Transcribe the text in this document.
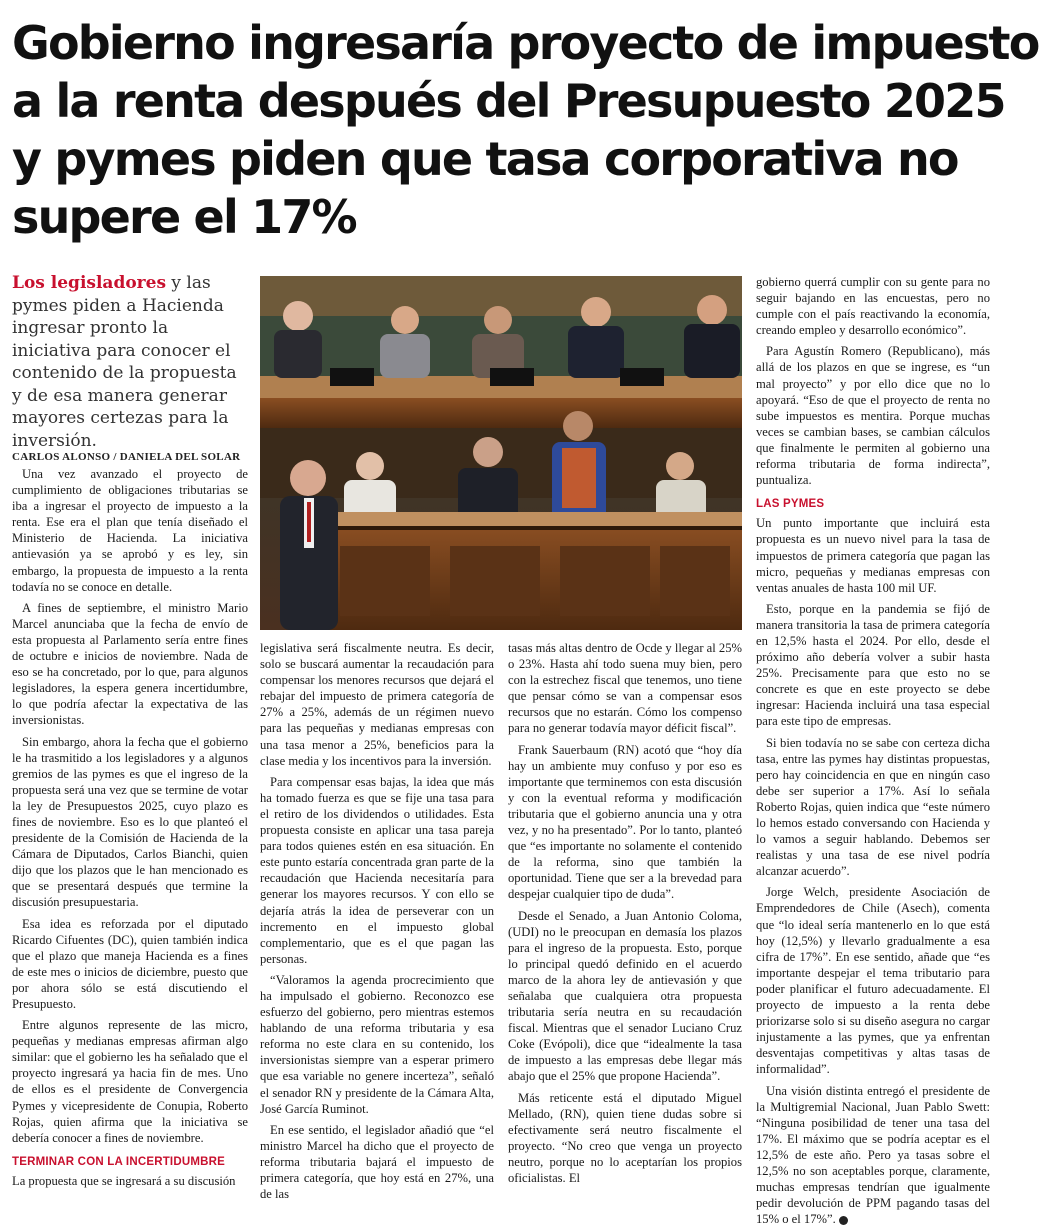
Gobierno ingresaría proyecto de impuesto
a la renta después del Presupuesto 2025
y pymes piden que tasa corporativa no
supere el 17%
Los legisladores y las pymes piden a Hacienda ingresar pronto la iniciativa para conocer el contenido de la propuesta y de esa manera generar mayores certezas para la inversión.
CARLOS ALONSO / DANIELA DEL SOLAR

Una vez avanzado el proyecto de cumplimiento de obligaciones tributarias se iba a ingresar el proyecto de impuesto a la renta. Ese era el plan que tenía diseñado el Ministerio de Hacienda. La iniciativa antievasión ya se aprobó y es ley, sin embargo, la propuesta de impuesto a la renta todavía no se conoce en detalle.

A fines de septiembre, el ministro Mario Marcel anunciaba que la fecha de envío de esta propuesta al Parlamento sería entre fines de octubre e inicios de noviembre. Nada de eso se ha concretado, por lo que, para algunos legisladores, la espera genera incertidumbre, lo que podría afectar la expectativa de las inversionistas.

Sin embargo, ahora la fecha que el gobierno le ha trasmitido a los legisladores y a algunos gremios de las pymes es que el ingreso de la propuesta será una vez que se termine de votar la ley de Presupuestos 2025, cuyo plazo es fines de noviembre. Eso es lo que planteó el presidente de la Comisión de Hacienda de la Cámara de Diputados, Carlos Bianchi, quien dijo que los plazos que le han mencionado es que se presentará después que termine la discusión presupuestaria.

Esa idea es reforzada por el diputado Ricardo Cifuentes (DC), quien también indica que el plazo que maneja Hacienda es a fines de este mes o inicios de diciembre, puesto que por ahora sólo se está discutiendo el Presupuesto.

Entre algunos represente de las micro, pequeñas y medianas empresas afirman algo similar: que el gobierno les ha señalado que el proyecto ingresará ya hacia fin de mes. Uno de ellos es el presidente de Convergencia Pymes y vicepresidente de Conupia, Roberto Rojas, quien afirma que la iniciativa se debería conocer a fines de noviembre.

TERMINAR CON LA INCERTIDUMBRE

La propuesta que se ingresará a su discusión

legislativa será fiscalmente neutra. Es decir, solo se buscará aumentar la recaudación para compensar los menores recursos que dejará el rebajar del impuesto de primera categoría de 27% a 25%, además de un régimen nuevo para las pequeñas y medianas empresas con una tasa menor a 25%, beneficios para la clase media y los incentivos para la inversión.

Para compensar esas bajas, la idea que más ha tomado fuerza es que se fije una tasa para el retiro de los dividendos o utilidades. Esta propuesta consiste en aplicar una tasa pareja para todos quienes estén en esa situación. En este punto estaría concentrada gran parte de la recaudación que Hacienda necesitaría para generar los mayores recursos. Y con ello se dejaría atrás la idea de perseverar con un incremento en el impuesto global complementario, que es el que pagan las personas.

“Valoramos la agenda procrecimiento que ha impulsado el gobierno. Reconozco ese esfuerzo del gobierno, pero mientras estemos hablando de una reforma tributaria y esa reforma no este clara en su contenido, los inversionistas siempre van a esperar primero que esa variable no genere incerteza”, señaló el senador RN y presidente de la Cámara Alta, José García Ruminot.

En ese sentido, el legislador añadió que “el ministro Marcel ha dicho que el proyecto de reforma tributaria bajará el impuesto de primera categoría, que hoy está en 27%, una de las

tasas más altas dentro de Ocde y llegar al 25% o 23%. Hasta ahí todo suena muy bien, pero con la estrechez fiscal que tenemos, uno tiene que pensar cómo se van a compensar esos recursos que no estarán. Cómo los compenso para no generar todavía mayor déficit fiscal”.

Frank Sauerbaum (RN) acotó que “hoy día hay un ambiente muy confuso y por eso es importante que terminemos con esta discusión y con la eventual reforma y modificación tributaria que el gobierno anuncia una y otra vez, y no ha presentado”. Por lo tanto, planteó que “es importante no solamente el contenido de la reforma, sino que también la oportunidad. Tiene que ser a la brevedad para despejar cualquier tipo de duda”.

Desde el Senado, a Juan Antonio Coloma, (UDI) no le preocupan en demasía los plazos para el ingreso de la propuesta. Esto, porque lo principal quedó definido en el acuerdo marco de la ahora ley de antievasión y que señalaba que cualquiera otra propuesta tributaria sería neutra en su recaudación fiscal. Mientras que el senador Luciano Cruz Coke (Evópoli), dice que “idealmente la tasa de impuesto a las empresas debe llegar más abajo que el 25% que propone Hacienda”.

Más reticente está el diputado Miguel Mellado, (RN), quien tiene dudas sobre si efectivamente será neutro fiscalmente el proyecto. “No creo que venga un proyecto neutro, porque no lo aceptarían los propios oficialistas. El

gobierno querrá cumplir con su gente para no seguir bajando en las encuestas, pero no cumple con el país reactivando la economía, creando empleo y desarrollo económico”.

Para Agustín Romero (Republicano), más allá de los plazos en que se ingrese, es “un mal proyecto” y por ello dice que no lo apoyará. “Eso de que el proyecto de renta no sube impuestos es mentira. Porque muchas veces se cambian bases, se cambian cálculos que finalmente le permiten al gobierno una reforma tributaria de forma indirecta”, puntualiza.

LAS PYMES

Un punto importante que incluirá esta propuesta es un nuevo nivel para la tasa de impuestos de primera categoría que pagan las micro, pequeñas y medianas empresas con ventas anuales de hasta 100 mil UF.

Esto, porque en la pandemia se fijó de manera transitoria la tasa de primera categoría en 12,5% hasta el 2024. Por ello, desde el próximo año debería volver a subir hasta 25%. Precisamente para que esto no se concrete es que en este proyecto se debe ingresar: Hacienda incluirá una tasa especial para este tipo de empresas.

Si bien todavía no se sabe con certeza dicha tasa, entre las pymes hay distintas propuestas, pero hay coincidencia en que en ningún caso debe ser superior a 17%. Así lo señala Roberto Rojas, quien indica que “este número lo hemos estado conversando con Hacienda y lo vamos a seguir hablando. Debemos ser realistas y una tasa de ese nivel podría alcanzar acuerdo”.

Jorge Welch, presidente Asociación de Emprendedores de Chile (Asech), comenta que “lo ideal sería mantenerlo en lo que está hoy (12,5%) y llevarlo gradualmente a esa cifra de 17%”. En ese sentido, añade que “es importante despejar el tema tributario para poder planificar el futuro adecuadamente. El proyecto de impuesto a la renta debe priorizarse solo si su diseño asegura no cargar injustamente a las pymes, que ya enfrentan desventajas competitivas y altas tasas de informalidad”.

Una visión distinta entregó el presidente de la Multigremial Nacional, Juan Pablo Swett: “Ninguna posibilidad de tener una tasa del 17%. El máximo que se podría aceptar es el 12,5% de este año. Pero ya tasas sobre el 12,5% no son aceptables porque, claramente, muchas empresas tendrían que igualmente pedir devolución de PPM pagando tasas del 15% o el 17%”.
